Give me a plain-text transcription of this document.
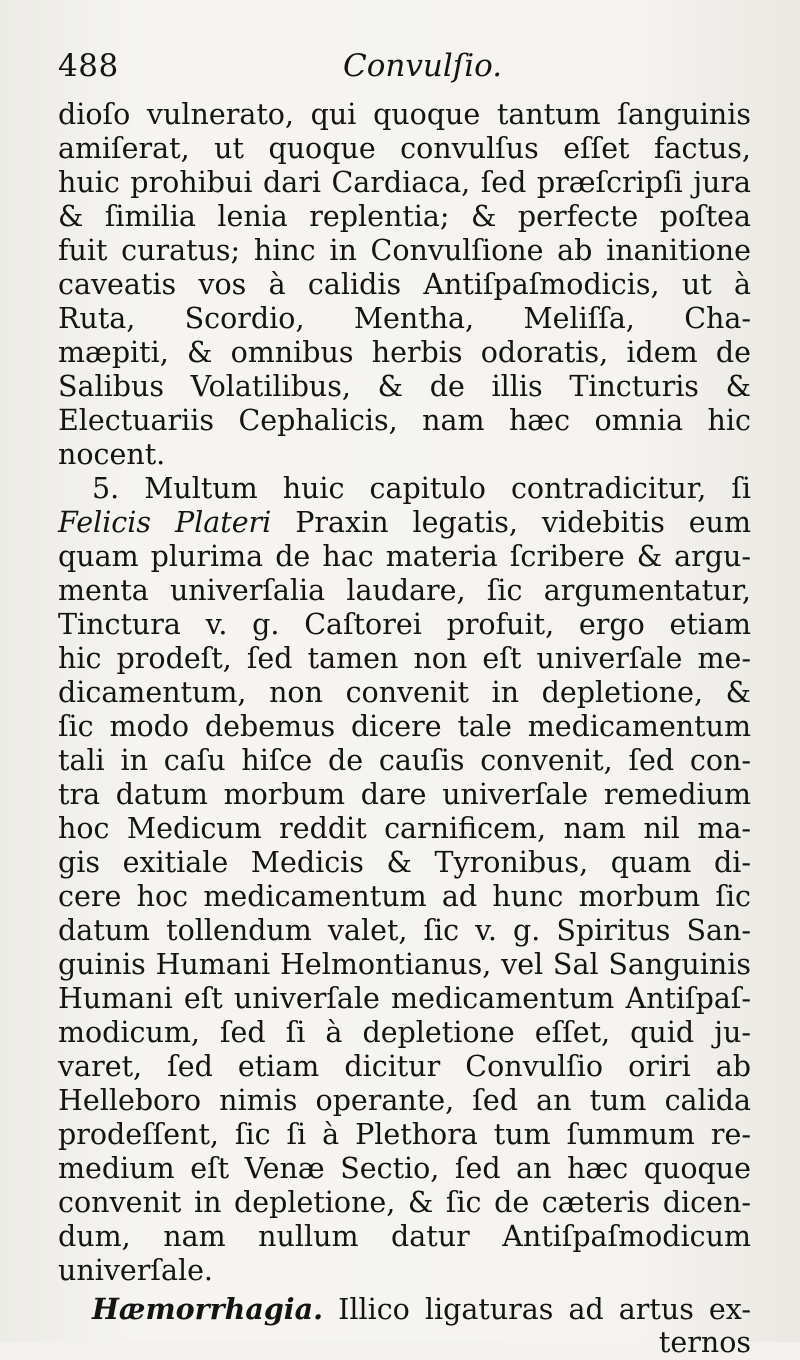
488	Convulſio.
dioſo vulnerato, qui quoque tantum ſanguinis
amiſerat, ut quoque convulſus eſſet factus,
huic prohibui dari Cardiaca, ſed præſcripſi jura
& ſimilia lenia replentia; & perfecte poſtea
fuit curatus; hinc in Convulſione ab inanitione
caveatis vos à calidis Antiſpaſmodicis, ut à
Ruta, Scordio, Mentha, Meliſſa, Cha-
mæpiti, & omnibus herbis odoratis, idem de
Salibus Volatilibus, & de illis Tincturis &
Electuariis Cephalicis, nam hæc omnia hic
nocent.
5. Multum huic capitulo contradicitur, ſi
Felicis Plateri Praxin legatis, videbitis eum
quam plurima de hac materia ſcribere & argu-
menta univerſalia laudare, ſic argumentatur,
Tinctura v. g. Caſtorei profuit, ergo etiam
hic prodeſt, ſed tamen non eſt univerſale me-
dicamentum, non convenit in depletione, &
ſic modo debemus dicere tale medicamentum
tali in caſu hiſce de cauſis convenit, ſed con-
tra datum morbum dare univerſale remedium
hoc Medicum reddit carnificem, nam nil ma-
gis exitiale Medicis & Tyronibus, quam di-
cere hoc medicamentum ad hunc morbum ſic
datum tollendum valet, ſic v. g. Spiritus San-
guinis Humani Helmontianus, vel Sal Sanguinis
Humani eſt univerſale medicamentum Antiſpaſ-
modicum, ſed ſi à depletione eſſet, quid ju-
varet, ſed etiam dicitur Convulſio oriri ab
Helleboro nimis operante, ſed an tum calida
prodeſſent, ſic ſi à Plethora tum ſummum re-
medium eſt Venæ Sectio, ſed an hæc quoque
convenit in depletione, & ſic de cæteris dicen-
dum, nam nullum datur Antiſpaſmodicum
univerſale.
Hæmorrhagia. Illico ligaturas ad artus ex-
ternos
